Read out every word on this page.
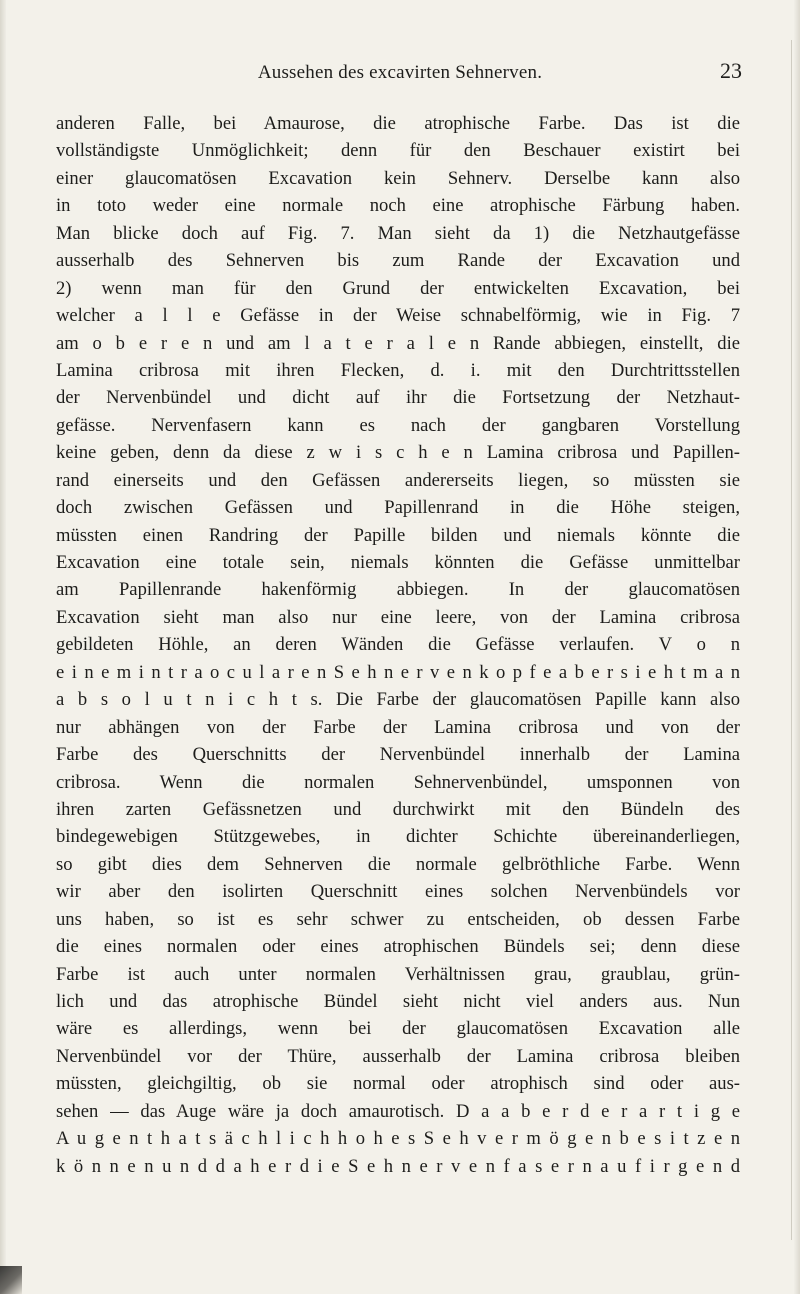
Aussehen des excavirten Sehnerven.	23
anderen Falle, bei Amaurose, die atrophische Farbe. Das ist die
vollständigste Unmöglichkeit; denn für den Beschauer existirt bei
einer glaucomatösen Excavation kein Sehnerv. Derselbe kann also
in toto weder eine normale noch eine atrophische Färbung haben.
Man blicke doch auf Fig. 7. Man sieht da 1) die Netzhautgefässe
ausserhalb des Sehnerven bis zum Rande der Excavation und
2) wenn man für den Grund der entwickelten Excavation, bei
welcher a l l e Gefässe in der Weise schnabelförmig, wie in Fig. 7
am o b e r e n und am l a t e r a l e n Rande abbiegen, einstellt, die
Lamina cribrosa mit ihren Flecken, d. i. mit den Durchtrittsstellen
der Nervenbündel und dicht auf ihr die Fortsetzung der Netzhaut-
gefässe. Nervenfasern kann es nach der gangbaren Vorstellung
keine geben, denn da diese z w i s c h e n Lamina cribrosa und Papillen-
rand einerseits und den Gefässen andererseits liegen, so müssten sie
doch zwischen Gefässen und Papillenrand in die Höhe steigen,
müssten einen Randring der Papille bilden und niemals könnte die
Excavation eine totale sein, niemals könnten die Gefässe unmittelbar
am Papillenrande hakenförmig abbiegen. In der glaucomatösen
Excavation sieht man also nur eine leere, von der Lamina cribrosa
gebildeten Höhle, an deren Wänden die Gefässe verlaufen. V o n
e i n e m i n t r a o c u l a r e n S e h n e r v e n k o p f e a b e r s i e h t m a n
a b s o l u t n i c h t s. Die Farbe der glaucomatösen Papille kann also
nur abhängen von der Farbe der Lamina cribrosa und von der
Farbe des Querschnitts der Nervenbündel innerhalb der Lamina
cribrosa. Wenn die normalen Sehnervenbündel, umsponnen von
ihren zarten Gefässnetzen und durchwirkt mit den Bündeln des
bindegewebigen Stützgewebes, in dichter Schichte übereinanderliegen,
so gibt dies dem Sehnerven die normale gelbröthliche Farbe. Wenn
wir aber den isolirten Querschnitt eines solchen Nervenbündels vor
uns haben, so ist es sehr schwer zu entscheiden, ob dessen Farbe
die eines normalen oder eines atrophischen Bündels sei; denn diese
Farbe ist auch unter normalen Verhältnissen grau, graublau, grün-
lich und das atrophische Bündel sieht nicht viel anders aus. Nun
wäre es allerdings, wenn bei der glaucomatösen Excavation alle
Nervenbündel vor der Thüre, ausserhalb der Lamina cribrosa bleiben
müssten, gleichgiltig, ob sie normal oder atrophisch sind oder aus-
sehen — das Auge wäre ja doch amaurotisch. D a a b e r d e r a r t i g e
A u g e n t h a t s ä c h l i c h h o h e s S e h v e r m ö g e n b e s i t z e n
k ö n n e n u n d d a h e r d i e S e h n e r v e n f a s e r n a u f i r g e n d
